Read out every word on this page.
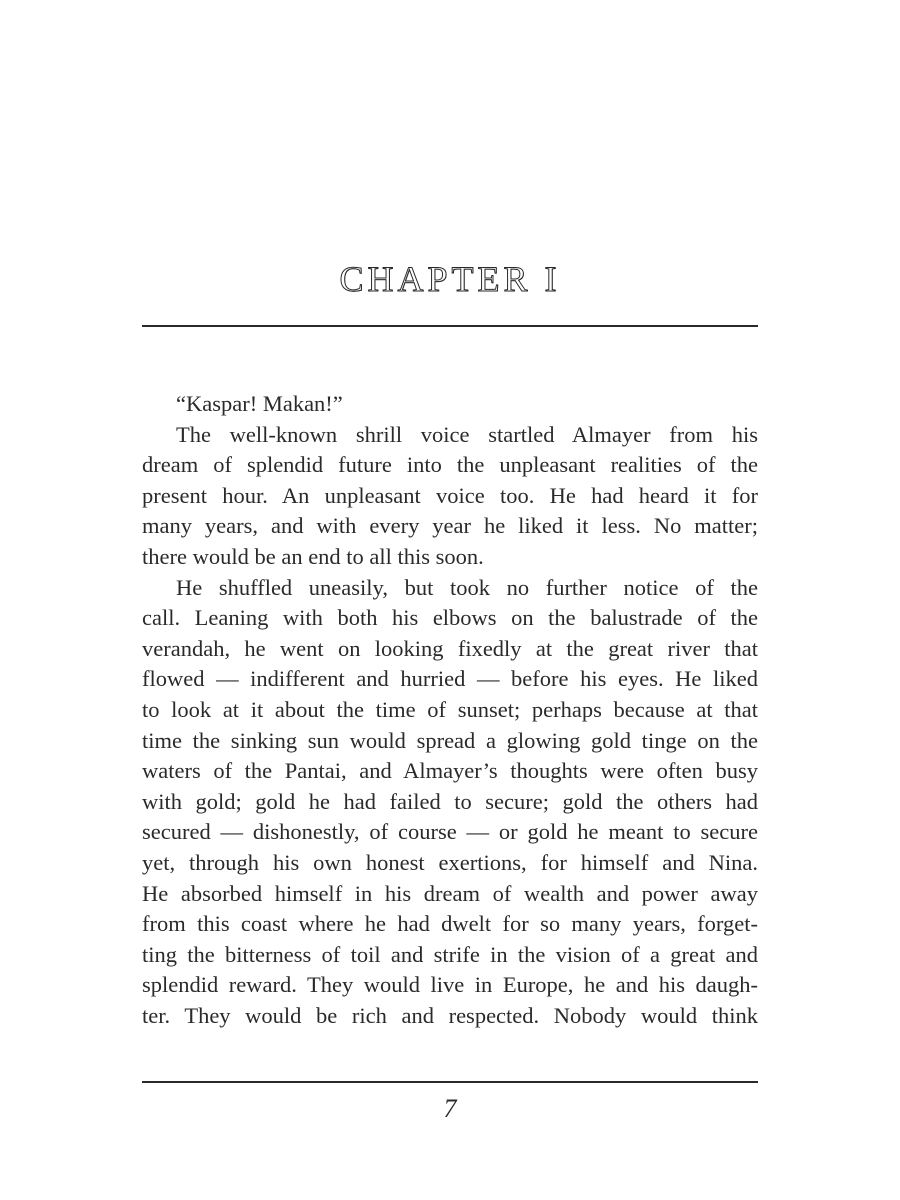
CHAPTER I
“Kaspar! Makan!”
The well-known shrill voice startled Almayer from his
dream of splendid future into the unpleasant realities of the
present hour. An unpleasant voice too. He had heard it for
many years, and with every year he liked it less. No matter;
there would be an end to all this soon.
He shuffled uneasily, but took no further notice of the
call. Leaning with both his elbows on the balustrade of the
verandah, he went on looking fixedly at the great river that
flowed — indifferent and hurried — before his eyes. He liked
to look at it about the time of sunset; perhaps because at that
time the sinking sun would spread a glowing gold tinge on the
waters of the Pantai, and Almayer’s thoughts were often busy
with gold; gold he had failed to secure; gold the others had
secured — dishonestly, of course — or gold he meant to secure
yet, through his own honest exertions, for himself and Nina.
He absorbed himself in his dream of wealth and power away
from this coast where he had dwelt for so many years, forget-
ting the bitterness of toil and strife in the vision of a great and
splendid reward. They would live in Europe, he and his daugh-
ter. They would be rich and respected. Nobody would think
7
